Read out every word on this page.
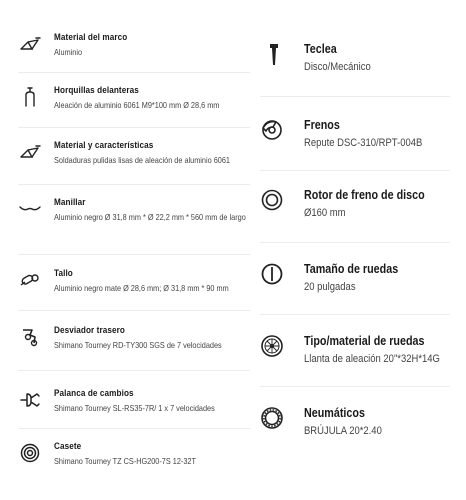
Material del marco
Aluminio
Horquillas delanteras
Aleación de aluminio 6061 M9*100 mm Ø 28,6 mm
Material y características
Soldaduras pulidas lisas de aleación de aluminio 6061
Manillar
Aluminio negro Ø 31,8 mm * Ø 22,2 mm * 560 mm de largo
Tallo
Aluminio negro mate Ø 28,6 mm; Ø 31,8 mm * 90 mm
Desviador trasero
Shimano Tourney RD-TY300 SGS de 7 velocidades
Palanca de cambios
Shimano Tourney SL-RS35-7R/ 1 x 7 velocidades
Casete
Shimano Tourney TZ CS-HG200-7S 12-32T
Teclea
Disco/Mecánico
Frenos
Repute DSC-310/RPT-004B
Rotor de freno de disco
Ø160 mm
Tamaño de ruedas
20 pulgadas
Tipo/material de ruedas
Llanta de aleación 20"*32H*14G
Neumáticos
BRÚJULA 20*2.40
